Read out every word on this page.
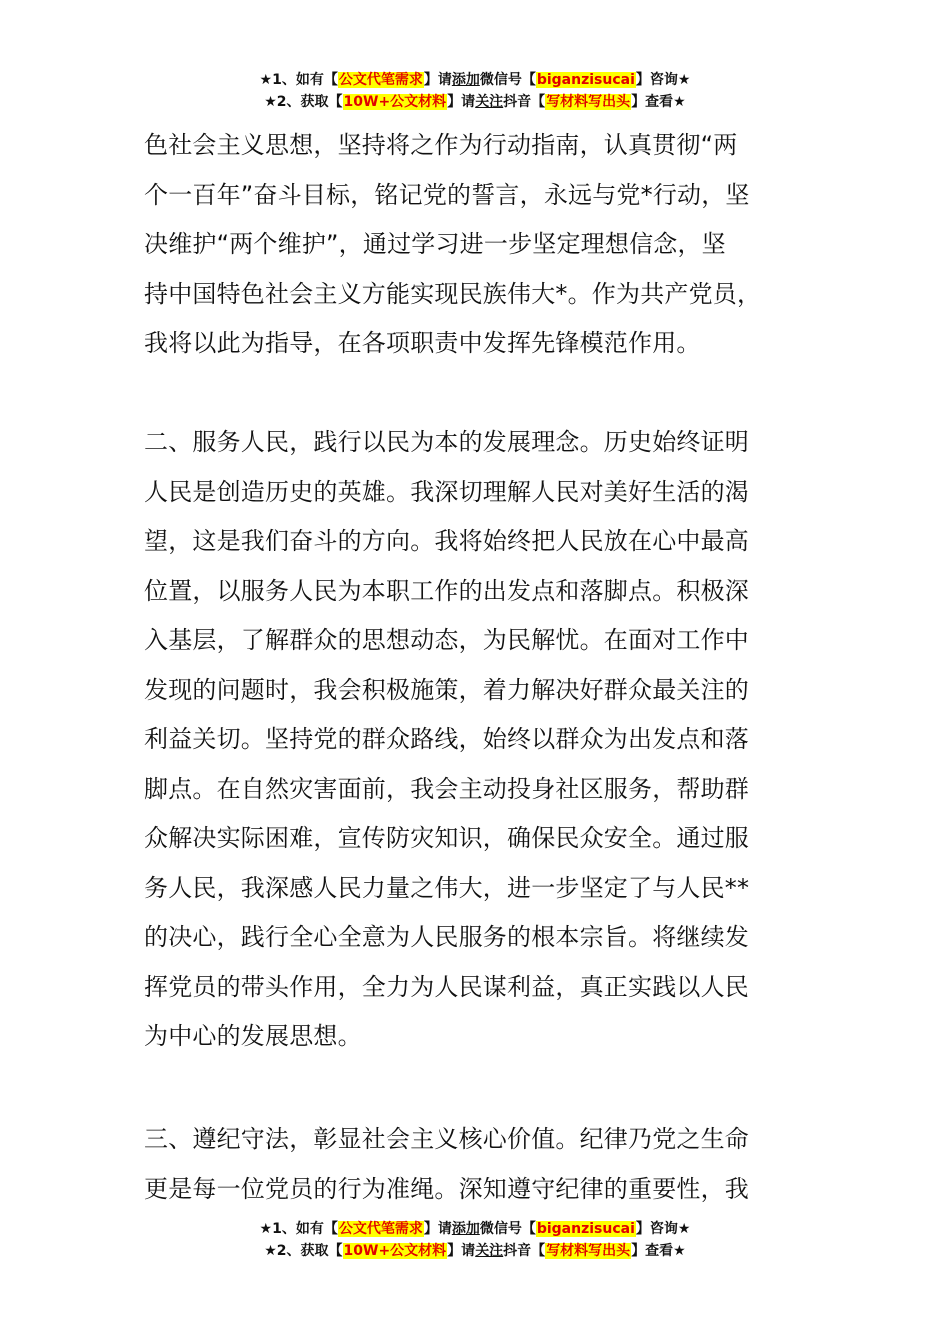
★1、如有【公文代笔需求】请添加微信号【biganzisucai】咨询★
★2、获取【10W+公文材料】请关注抖音【写材料写出头】查看★
色社会主义思想，坚持将之作为行动指南，认真贯彻“两
个一百年”奋斗目标，铭记党的誓言，永远与党*行动，坚
决维护“两个维护”，通过学习进一步坚定理想信念，坚
持中国特色社会主义方能实现民族伟大*。作为共产党员，
我将以此为指导，在各项职责中发挥先锋模范作用。
二、服务人民，践行以民为本的发展理念。历史始终证明
人民是创造历史的英雄。我深切理解人民对美好生活的渴
望，这是我们奋斗的方向。我将始终把人民放在心中最高
位置，以服务人民为本职工作的出发点和落脚点。积极深
入基层，了解群众的思想动态，为民解忧。在面对工作中
发现的问题时，我会积极施策，着力解决好群众最关注的
利益关切。坚持党的群众路线，始终以群众为出发点和落
脚点。在自然灾害面前，我会主动投身社区服务，帮助群
众解决实际困难，宣传防灾知识，确保民众安全。通过服
务人民，我深感人民力量之伟大，进一步坚定了与人民**
的决心，践行全心全意为人民服务的根本宗旨。将继续发
挥党员的带头作用，全力为人民谋利益，真正实践以人民
为中心的发展思想。
三、遵纪守法，彰显社会主义核心价值。纪律乃党之生命
更是每一位党员的行为准绳。深知遵守纪律的重要性，我
★1、如有【公文代笔需求】请添加微信号【biganzisucai】咨询★
★2、获取【10W+公文材料】请关注抖音【写材料写出头】查看★
